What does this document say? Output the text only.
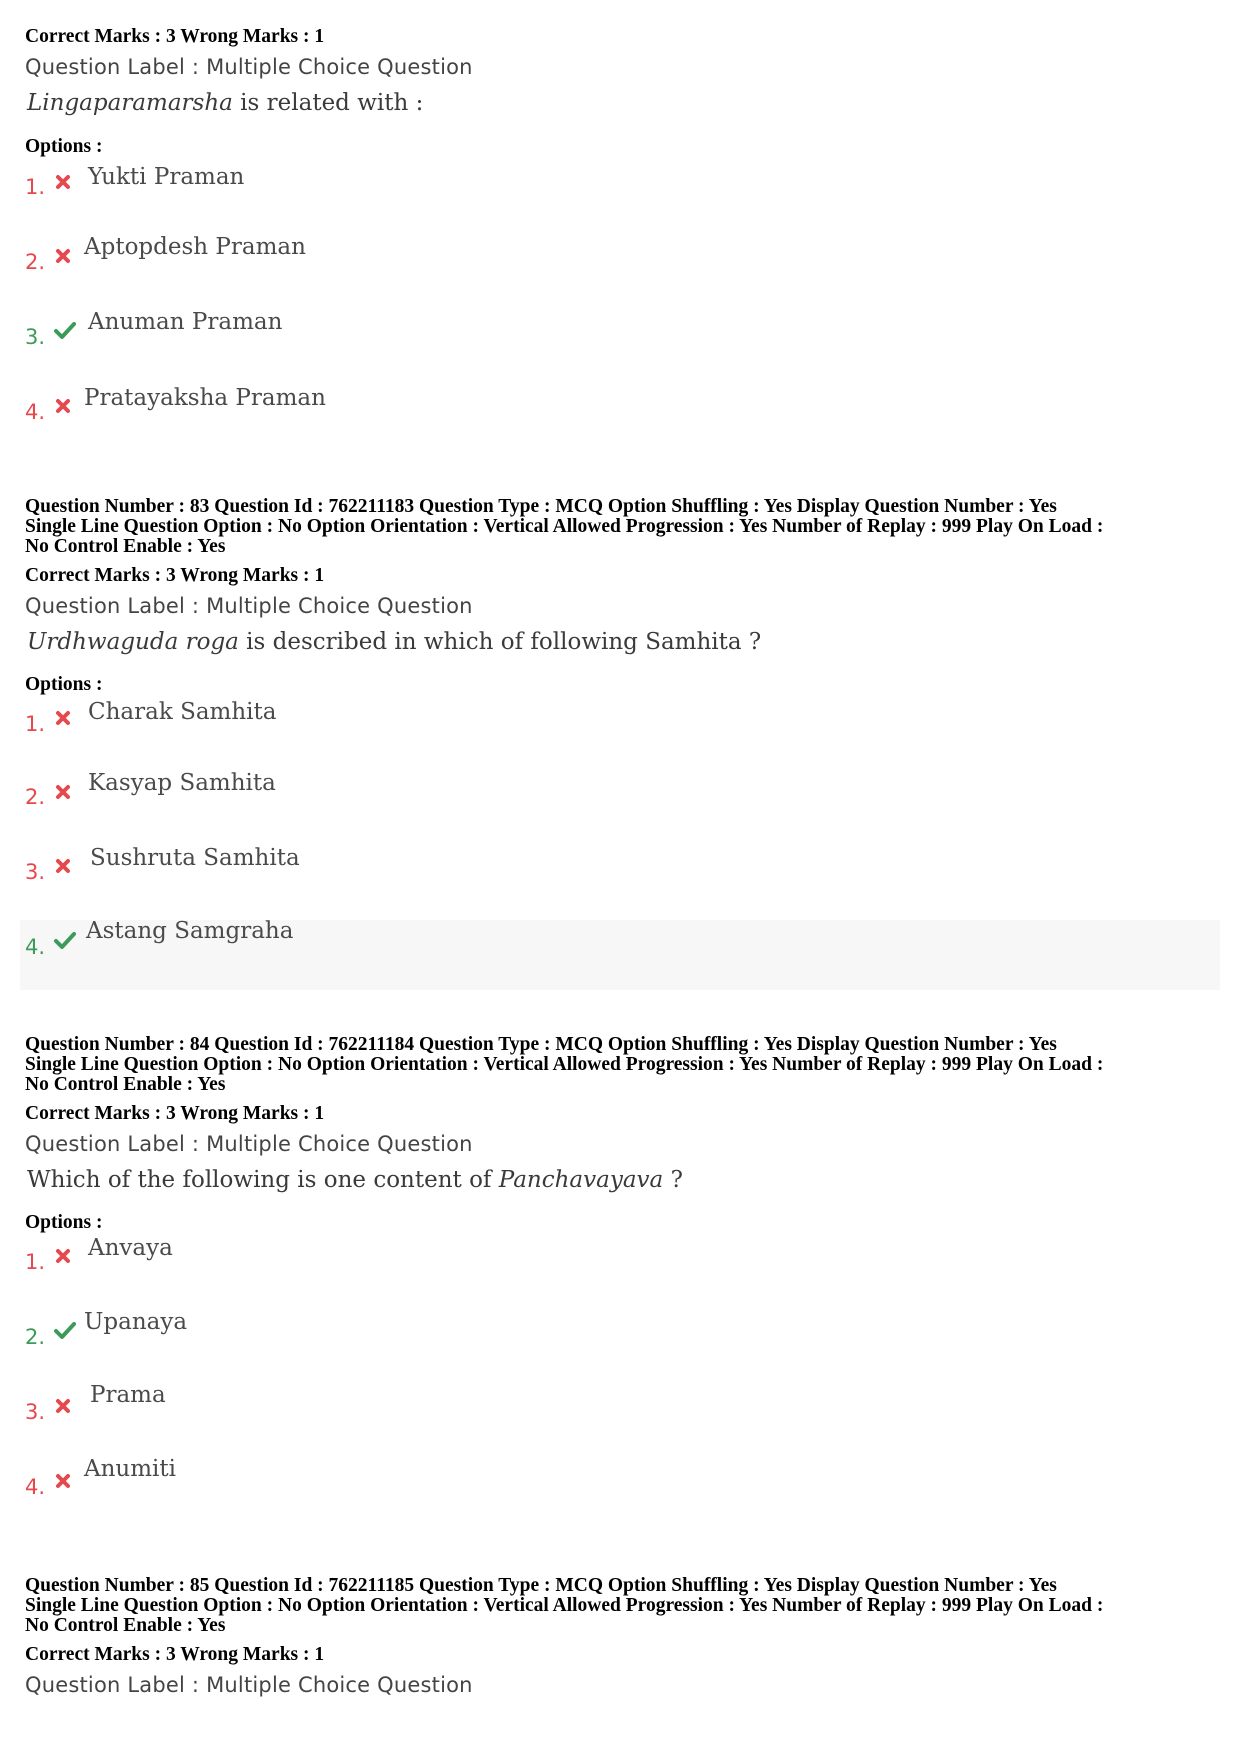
Correct Marks : 3 Wrong Marks : 1
Question Label : Multiple Choice Question
Lingaparamarsha is related with :
Options :
1. Yukti Praman
2.
Aptopdesh Praman
3.
Anuman Praman
4.
Pratayaksha Praman
Question Number : 83 Question Id : 762211183 Question Type : MCQ Option Shuffling : Yes Display Question Number : Yes
Single Line Question Option : No Option Orientation : Vertical Allowed Progression : Yes Number of Replay : 999 Play On Load :
No Control Enable : Yes
Correct Marks : 3 Wrong Marks : 1
Question Label : Multiple Choice Question
Urdhwaguda roga is described in which of following Samhita ?
Options :
1. Charak Samhita
2.
Kasyap Samhita
3.
Sushruta Samhita
4.
Astang Samgraha
Question Number : 84 Question Id : 762211184 Question Type : MCQ Option Shuffling : Yes Display Question Number : Yes
Single Line Question Option : No Option Orientation : Vertical Allowed Progression : Yes Number of Replay : 999 Play On Load :
No Control Enable : Yes
Correct Marks : 3 Wrong Marks : 1
Question Label : Multiple Choice Question
Which of the following is one content of Panchavayava ?
Options :
1.
Anvaya
2.
Upanaya
3.
Prama
4.
Anumiti
Question Number : 85 Question Id : 762211185 Question Type : MCQ Option Shuffling : Yes Display Question Number : Yes
Single Line Question Option : No Option Orientation : Vertical Allowed Progression : Yes Number of Replay : 999 Play On Load :
No Control Enable : Yes
Correct Marks : 3 Wrong Marks : 1
Question Label : Multiple Choice Question
